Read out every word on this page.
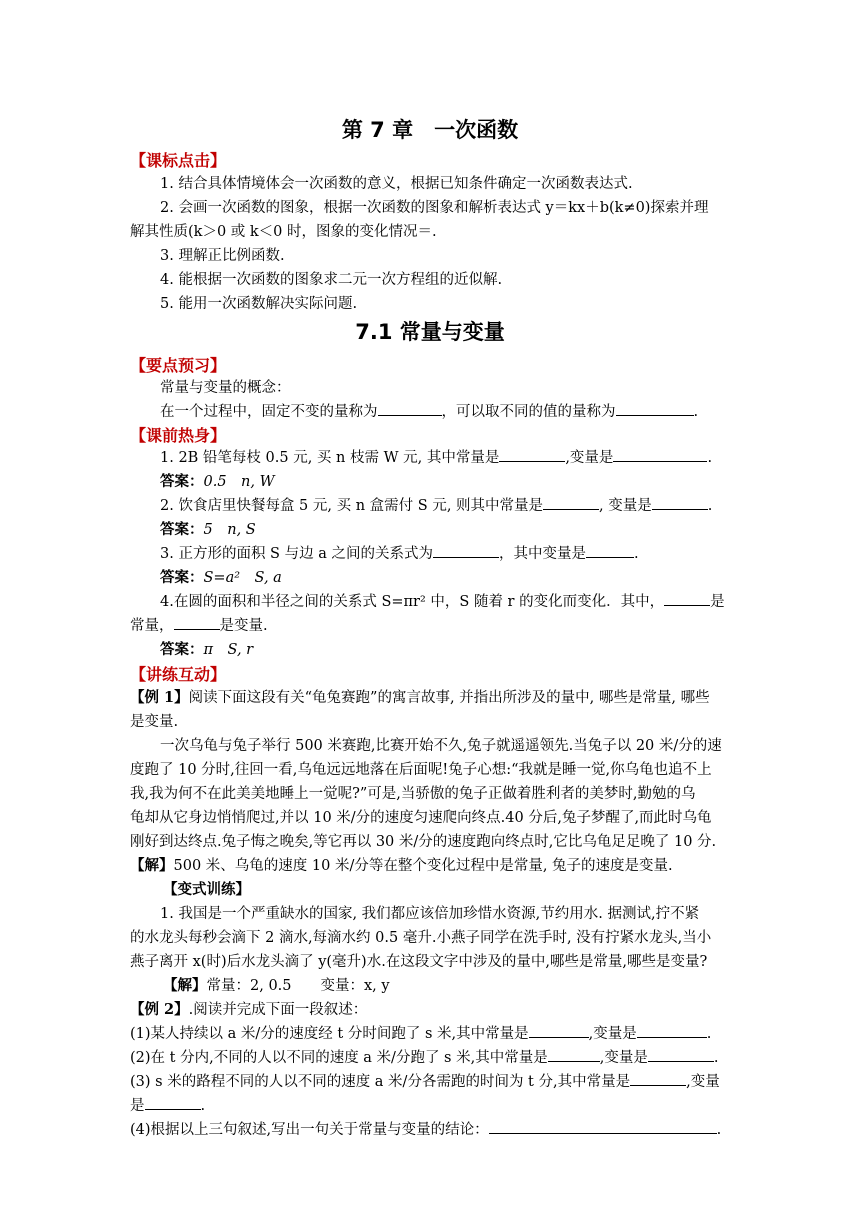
第 7 章　一次函数
【课标点击】
1. 结合具体情境体会一次函数的意义，根据已知条件确定一次函数表达式.
2. 会画一次函数的图象，根据一次函数的图象和解析表达式 y＝kx＋b(k≠0)探索并理
解其性质(k＞0 或 k＜0 时，图象的变化情况＝.
3. 理解正比例函数.
4. 能根据一次函数的图象求二元一次方程组的近似解.
5. 能用一次函数解决实际问题.
7.1 常量与变量
【要点预习】
常量与变量的概念：
在一个过程中，固定不变的量称为	，可以取不同的值的量称为	.
【课前热身】
1. 2B 铅笔每枝 0.5 元, 买 n 枝需 W 元, 其中常量是	,变量是	.
答案：0.5　n, W
2. 饮食店里快餐每盒 5 元, 买 n 盒需付 S 元, 则其中常量是	, 变量是	.
答案：5　n, S
3. 正方形的面积 S 与边 a 之间的关系式为	，其中变量是	.
答案：S=a²　S, a
4.在圆的面积和半径之间的关系式 S=πr² 中，S 随着 r 的变化而变化．其中，	是
常量，	是变量.
答案：π　S, r
【讲练互动】
【例 1】阅读下面这段有关“龟兔赛跑”的寓言故事, 并指出所涉及的量中, 哪些是常量, 哪些
是变量.
一次乌龟与兔子举行 500 米赛跑,比赛开始不久,兔子就遥遥领先.当兔子以 20 米/分的速
度跑了 10 分时,往回一看,乌龟远远地落在后面呢!兔子心想:“我就是睡一觉,你乌龟也追不上
我,我为何不在此美美地睡上一觉呢?”可是,当骄傲的兔子正做着胜利者的美梦时,勤勉的乌
龟却从它身边悄悄爬过,并以 10 米/分的速度匀速爬向终点.40 分后,兔子梦醒了,而此时乌龟
刚好到达终点.兔子悔之晚矣,等它再以 30 米/分的速度跑向终点时,它比乌龟足足晚了 10 分.
【解】500 米、乌龟的速度 10 米/分等在整个变化过程中是常量, 兔子的速度是变量.
【变式训练】
1. 我国是一个严重缺水的国家, 我们都应该倍加珍惜水资源,节约用水. 据测试,拧不紧
的水龙头每秒会滴下 2 滴水,每滴水约 0.5 毫升.小燕子同学在洗手时, 没有拧紧水龙头,当小
燕子离开 x(时)后水龙头滴了 y(毫升)水.在这段文字中涉及的量中,哪些是常量,哪些是变量?
【解】常量：2, 0.5　　变量：x, y
【例 2】.阅读并完成下面一段叙述：
(1)某人持续以 a 米/分的速度经 t 分时间跑了 s 米,其中常量是	,变量是	.
(2)在 t 分内,不同的人以不同的速度 a 米/分跑了 s 米,其中常量是	,变量是	.
(3) s 米的路程不同的人以不同的速度 a 米/分各需跑的时间为 t 分,其中常量是	,变量
是	.
(4)根据以上三句叙述,写出一句关于常量与变量的结论：	.
